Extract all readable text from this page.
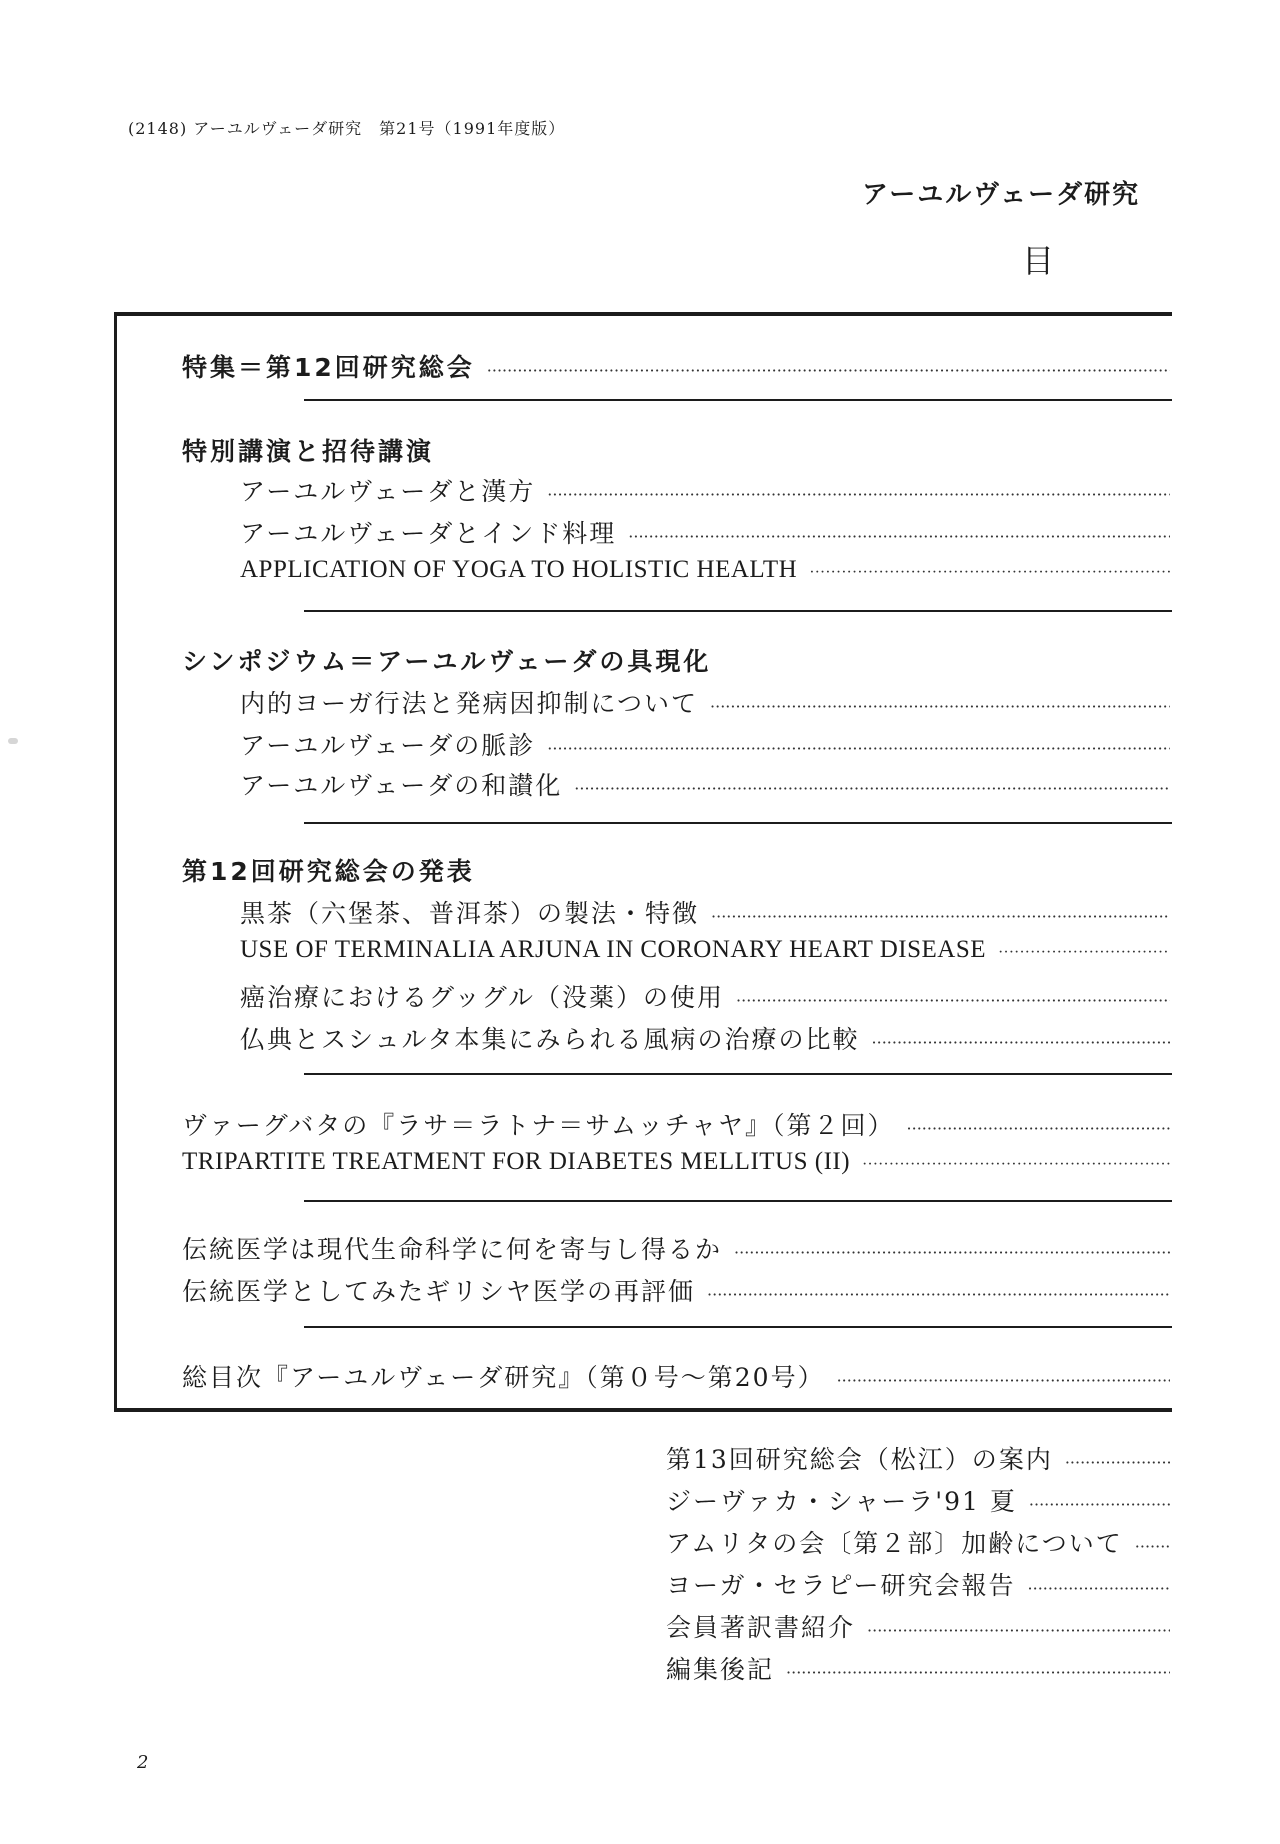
(2148) アーユルヴェーダ研究　第21号（1991年度版）
アーユルヴェーダ研究
目
特集＝第12回研究総会
·····
特別講演と招待講演
アーユルヴェーダと漢方
·····
アーユルヴェーダとインド料理
·····
APPLICATION OF YOGA TO HOLISTIC HEALTH
·····
シンポジウム＝アーユルヴェーダの具現化
内的ヨーガ行法と発病因抑制について
·····
アーユルヴェーダの脈診
·····
アーユルヴェーダの和讃化
·····
第12回研究総会の発表
黒茶（六堡茶、普洱茶）の製法・特徴
·····
USE OF TERMINALIA ARJUNA IN CORONARY HEART DISEASE
·····
癌治療におけるグッグル（没薬）の使用
·····
仏典とスシュルタ本集にみられる風病の治療の比較
·····
ヴァーグバタの『ラサ＝ラトナ＝サムッチャヤ』（第２回）
·····
TRIPARTITE TREATMENT FOR DIABETES MELLITUS (II)
·····
伝統医学は現代生命科学に何を寄与し得るか
·····
伝統医学としてみたギリシヤ医学の再評価
·····
総目次『アーユルヴェーダ研究』（第０号〜第20号）
·····
第13回研究総会（松江）の案内
·····
ジーヴァカ・シャーラ'91 夏
·····
アムリタの会〔第２部〕加齢について
·····
ヨーガ・セラピー研究会報告
·····
会員著訳書紹介
·····
編集後記
·····
2
